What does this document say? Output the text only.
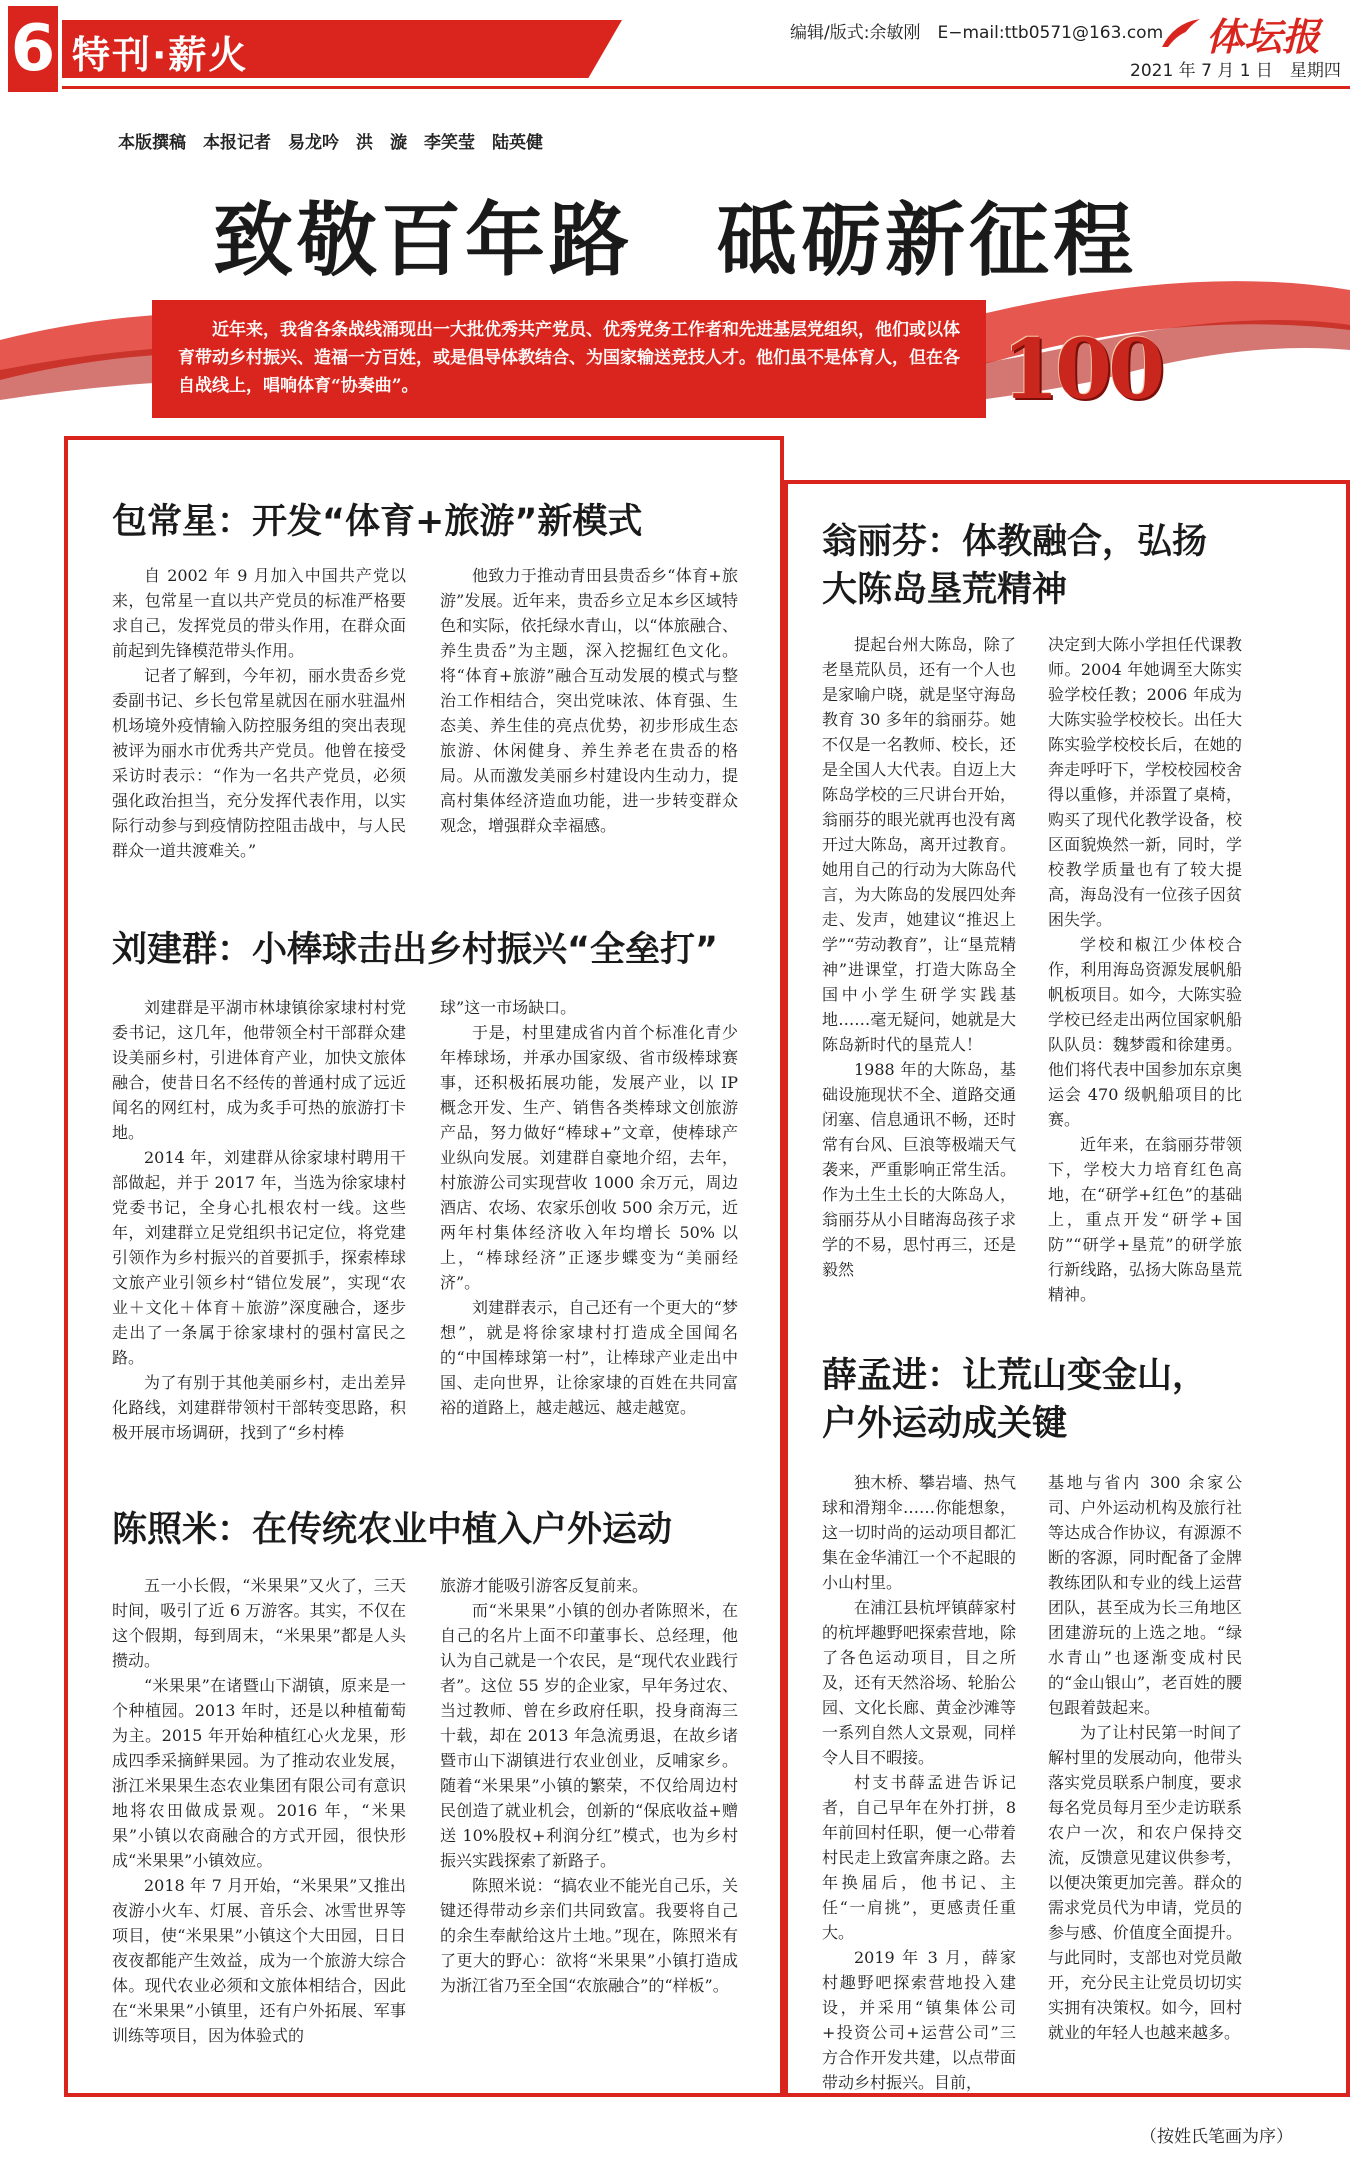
6 特刊·薪火	编辑/版式:余敏刚　E−mail:ttb0571@163.com 体坛报
2021 年 7 月 1 日　星期四
本版撰稿　本报记者　易龙吟　洪　漩　李笑莹　陆英健
致敬百年路　砥砺新征程

近年来，我省各条战线涌现出一大批优秀共产党员、优秀党务工作者和先进基层党组织，他们或以体育带动乡村振兴、造福一方百姓，或是倡导体教结合、为国家输送竞技人才。他们虽不是体育人，但在各自战线上，唱响体育“协奏曲”。	100
包常星：开发“体育+旅游”新模式

自 2002 年 9 月加入中国共产党以来，包常星一直以共产党员的标准严格要求自己，发挥党员的带头作用，在群众面前起到先锋模范带头作用。

记者了解到，今年初，丽水贵岙乡党委副书记、乡长包常星就因在丽水驻温州机场境外疫情输入防控服务组的突出表现被评为丽水市优秀共产党员。他曾在接受采访时表示：“作为一名共产党员，必须强化政治担当，充分发挥代表作用，以实际行动参与到疫情防控阻击战中，与人民群众一道共渡难关。”

他致力于推动青田县贵岙乡“体育+旅游”发展。近年来，贵岙乡立足本乡区域特色和实际，依托绿水青山，以“体旅融合、养生贵岙”为主题，深入挖掘红色文化。将“体育+旅游”融合互动发展的模式与整治工作相结合，突出党味浓、体育强、生态美、养生佳的亮点优势，初步形成生态旅游、休闲健身、养生养老在贵岙的格局。从而激发美丽乡村建设内生动力，提高村集体经济造血功能，进一步转变群众观念，增强群众幸福感。

刘建群：小棒球击出乡村振兴“全垒打”

刘建群是平湖市林埭镇徐家埭村村党委书记，这几年，他带领全村干部群众建设美丽乡村，引进体育产业，加快文旅体融合，使昔日名不经传的普通村成了远近闻名的网红村，成为炙手可热的旅游打卡地。

2014 年，刘建群从徐家埭村聘用干部做起，并于 2017 年，当选为徐家埭村党委书记，全身心扎根农村一线。这些年，刘建群立足党组织书记定位，将党建引领作为乡村振兴的首要抓手，探索棒球文旅产业引领乡村“错位发展”，实现“农业＋文化＋体育＋旅游”深度融合，逐步走出了一条属于徐家埭村的强村富民之路。

为了有别于其他美丽乡村，走出差异化路线，刘建群带领村干部转变思路，积极开展市场调研，找到了“乡村棒

球”这一市场缺口。

于是，村里建成省内首个标准化青少年棒球场，并承办国家级、省市级棒球赛事，还积极拓展功能，发展产业，以 IP 概念开发、生产、销售各类棒球文创旅游产品，努力做好“棒球+”文章，使棒球产业纵向发展。刘建群自豪地介绍，去年，村旅游公司实现营收 1000 余万元，周边酒店、农场、农家乐创收 500 余万元，近两年村集体经济收入年均增长 50% 以上，“棒球经济”正逐步蝶变为“美丽经济”。

刘建群表示，自己还有一个更大的“梦想”，就是将徐家埭村打造成全国闻名的“中国棒球第一村”，让棒球产业走出中国、走向世界，让徐家埭的百姓在共同富裕的道路上，越走越远、越走越宽。

陈照米：在传统农业中植入户外运动

五一小长假，“米果果”又火了，三天时间，吸引了近 6 万游客。其实，不仅在这个假期，每到周末，“米果果”都是人头攒动。

“米果果”在诸暨山下湖镇，原来是一个种植园。2013 年时，还是以种植葡萄为主。2015 年开始种植红心火龙果，形成四季采摘鲜果园。为了推动农业发展，浙江米果果生态农业集团有限公司有意识地将农田做成景观。2016 年，“米果果”小镇以农商融合的方式开园，很快形成“米果果”小镇效应。

2018 年 7 月开始，“米果果”又推出夜游小火车、灯展、音乐会、冰雪世界等项目，使“米果果”小镇这个大田园，日日夜夜都能产生效益，成为一个旅游大综合体。现代农业必须和文旅体相结合，因此在“米果果”小镇里，还有户外拓展、军事训练等项目，因为体验式的

旅游才能吸引游客反复前来。

而“米果果”小镇的创办者陈照米，在自己的名片上面不印董事长、总经理，他认为自己就是一个农民，是“现代农业践行者”。这位 55 岁的企业家，早年务过农、当过教师、曾在乡政府任职，投身商海三十载，却在 2013 年急流勇退，在故乡诸暨市山下湖镇进行农业创业，反哺家乡。随着“米果果”小镇的繁荣，不仅给周边村民创造了就业机会，创新的“保底收益+赠送 10%股权+利润分红”模式，也为乡村振兴实践探索了新路子。

陈照米说：“搞农业不能光自己乐，关键还得带动乡亲们共同致富。我要将自己的余生奉献给这片土地。”现在，陈照米有了更大的野心：欲将“米果果”小镇打造成为浙江省乃至全国“农旅融合”的“样板”。

翁丽芬：体教融合，弘扬
大陈岛垦荒精神

提起台州大陈岛，除了老垦荒队员，还有一个人也是家喻户晓，就是坚守海岛教育 30 多年的翁丽芬。她不仅是一名教师、校长，还是全国人大代表。自迈上大陈岛学校的三尺讲台开始，翁丽芬的眼光就再也没有离开过大陈岛，离开过教育。她用自己的行动为大陈岛代言，为大陈岛的发展四处奔走、发声，她建议“推迟上学”“劳动教育”，让“垦荒精神”进课堂，打造大陈岛全国中小学生研学实践基地……毫无疑问，她就是大陈岛新时代的垦荒人！

1988 年的大陈岛，基础设施现状不全、道路交通闭塞、信息通讯不畅，还时常有台风、巨浪等极端天气袭来，严重影响正常生活。作为土生土长的大陈岛人，翁丽芬从小目睹海岛孩子求学的不易，思忖再三，还是毅然

决定到大陈小学担任代课教师。2004 年她调至大陈实验学校任教；2006 年成为大陈实验学校校长。出任大陈实验学校校长后，在她的奔走呼吁下，学校校园校舍得以重修，并添置了桌椅，购买了现代化教学设备，校区面貌焕然一新，同时，学校教学质量也有了较大提高，海岛没有一位孩子因贫困失学。

学校和椒江少体校合作，利用海岛资源发展帆船帆板项目。如今，大陈实验学校已经走出两位国家帆船队队员：魏梦霞和徐建勇。他们将代表中国参加东京奥运会 470 级帆船项目的比赛。

近年来，在翁丽芬带领下，学校大力培育红色高地，在“研学+红色”的基础上，重点开发“研学+国防”“研学+垦荒”的研学旅行新线路，弘扬大陈岛垦荒精神。

薛孟进：让荒山变金山，
户外运动成关键

独木桥、攀岩墙、热气球和滑翔伞……你能想象，这一切时尚的运动项目都汇集在金华浦江一个不起眼的小山村里。

在浦江县杭坪镇薛家村的杭坪趣野吧探索营地，除了各色运动项目，目之所及，还有天然浴场、轮胎公园、文化长廊、黄金沙滩等一系列自然人文景观，同样令人目不暇接。

村支书薛孟进告诉记者，自己早年在外打拼，8 年前回村任职，便一心带着村民走上致富奔康之路。去年换届后，他书记、主任“一肩挑”，更感责任重大。

2019 年 3 月，薛家村趣野吧探索营地投入建设，并采用“镇集体公司+投资公司+运营公司”三方合作开发共建，以点带面带动乡村振兴。目前，

基地与省内 300 余家公司、户外运动机构及旅行社等达成合作协议，有源源不断的客源，同时配备了金牌教练团队和专业的线上运营团队，甚至成为长三角地区团建游玩的上选之地。“绿水青山”也逐渐变成村民的“金山银山”，老百姓的腰包跟着鼓起来。

为了让村民第一时间了解村里的发展动向，他带头落实党员联系户制度，要求每名党员每月至少走访联系农户一次，和农户保持交流，反馈意见建议供参考，以便决策更加完善。群众的需求党员代为申请，党员的参与感、价值度全面提升。与此同时，支部也对党员敞开，充分民主让党员切切实实拥有决策权。如今，回村就业的年轻人也越来越多。

（按姓氏笔画为序）
